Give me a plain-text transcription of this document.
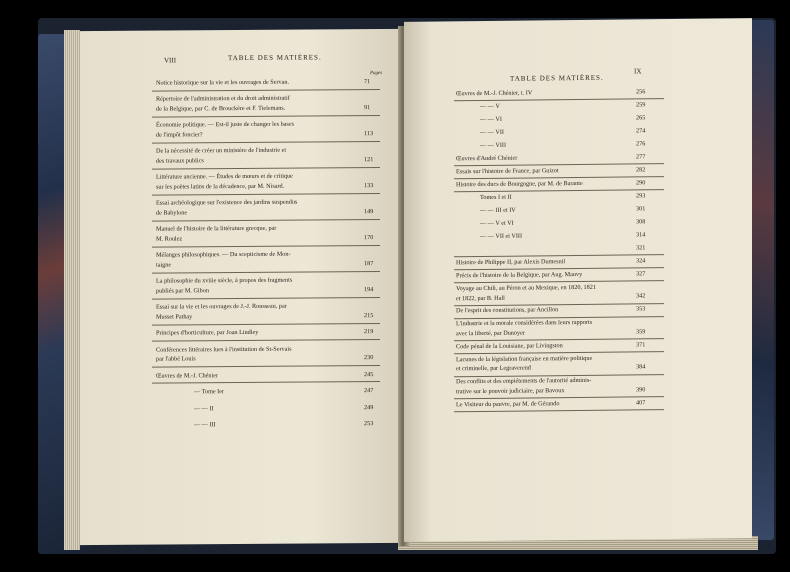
VIII	TABLE DES MATIÈRES.
Pages
Notice historique sur la vie et les ouvrages de Servan.	71
Répertoire de l'administration et du droit administratif
de la Belgique, par C. de Brouckère et F. Tielemans.	91
Économie politique. — Est-il juste de changer les bases
de l'impôt foncier?	113
De la nécessité de créer un ministère de l'industrie et
des travaux publics	121
Littérature ancienne. — Études de mœurs et de critique
sur les poëtes latins de la décadence, par M. Nisard.	133
Essai archéologique sur l'existence des jardins suspendus
de Babylone	149
Manuel de l'histoire de la littérature grecque, par
M. Roulez	170
Mélanges philosophiques. — Du scepticisme de Mon-
taigne	187
La philosophie du xviiie siècle, à propos des fragments
publiés par M. Gibon	194
Essai sur la vie et les ouvrages de J.-J. Rousseau, par
Musset Pathay	215
Principes d'horticulture, par Joan Lindley	219
Conférences littéraires lues à l'institution de St-Servais
par l'abbé Louis	230
Œuvres de M.-J. Chénier	245
— Tome Ier	247
— — II	249
— — III	253
TABLE DES MATIÈRES.
IX
Œuvres de M.-J. Chénier, t. IV	256
— — V	259
— — VI	265
— — VII	274
— — VIII	276
Œuvres d'André Chénier	277
Essais sur l'histoire de France, par Guizot	282
Histoire des ducs de Bourgogne, par M. de Barante	290
Tomes I et II	293
— — III et IV	301
— — V et VI	308
— — VII et VIII	314
321
Histoire de Philippe II, par Alexis Dumesnil	324
Précis de l'histoire de la Belgique, par Aug. Mauvy	327
Voyage au Chili, au Péron et au Mexique, en 1820, 1821
et 1822, par B. Hall	342
De l'esprit des constitutions, par Ancillon	353
L'industrie et la morale considérées dans leurs rapports
avec la liberté, par Dunoyer	359
Code pénal de la Louisiane, par Livingston	371
Lacunes de la législation française en matière politique
et criminelle, par Legraverend	384
Des conflits et des empiétements de l'autorité adminis-
trative sur le pouvoir judiciaire, par Bavoux	390
Le Visiteur du pauvre, par M. de Gérando	407
